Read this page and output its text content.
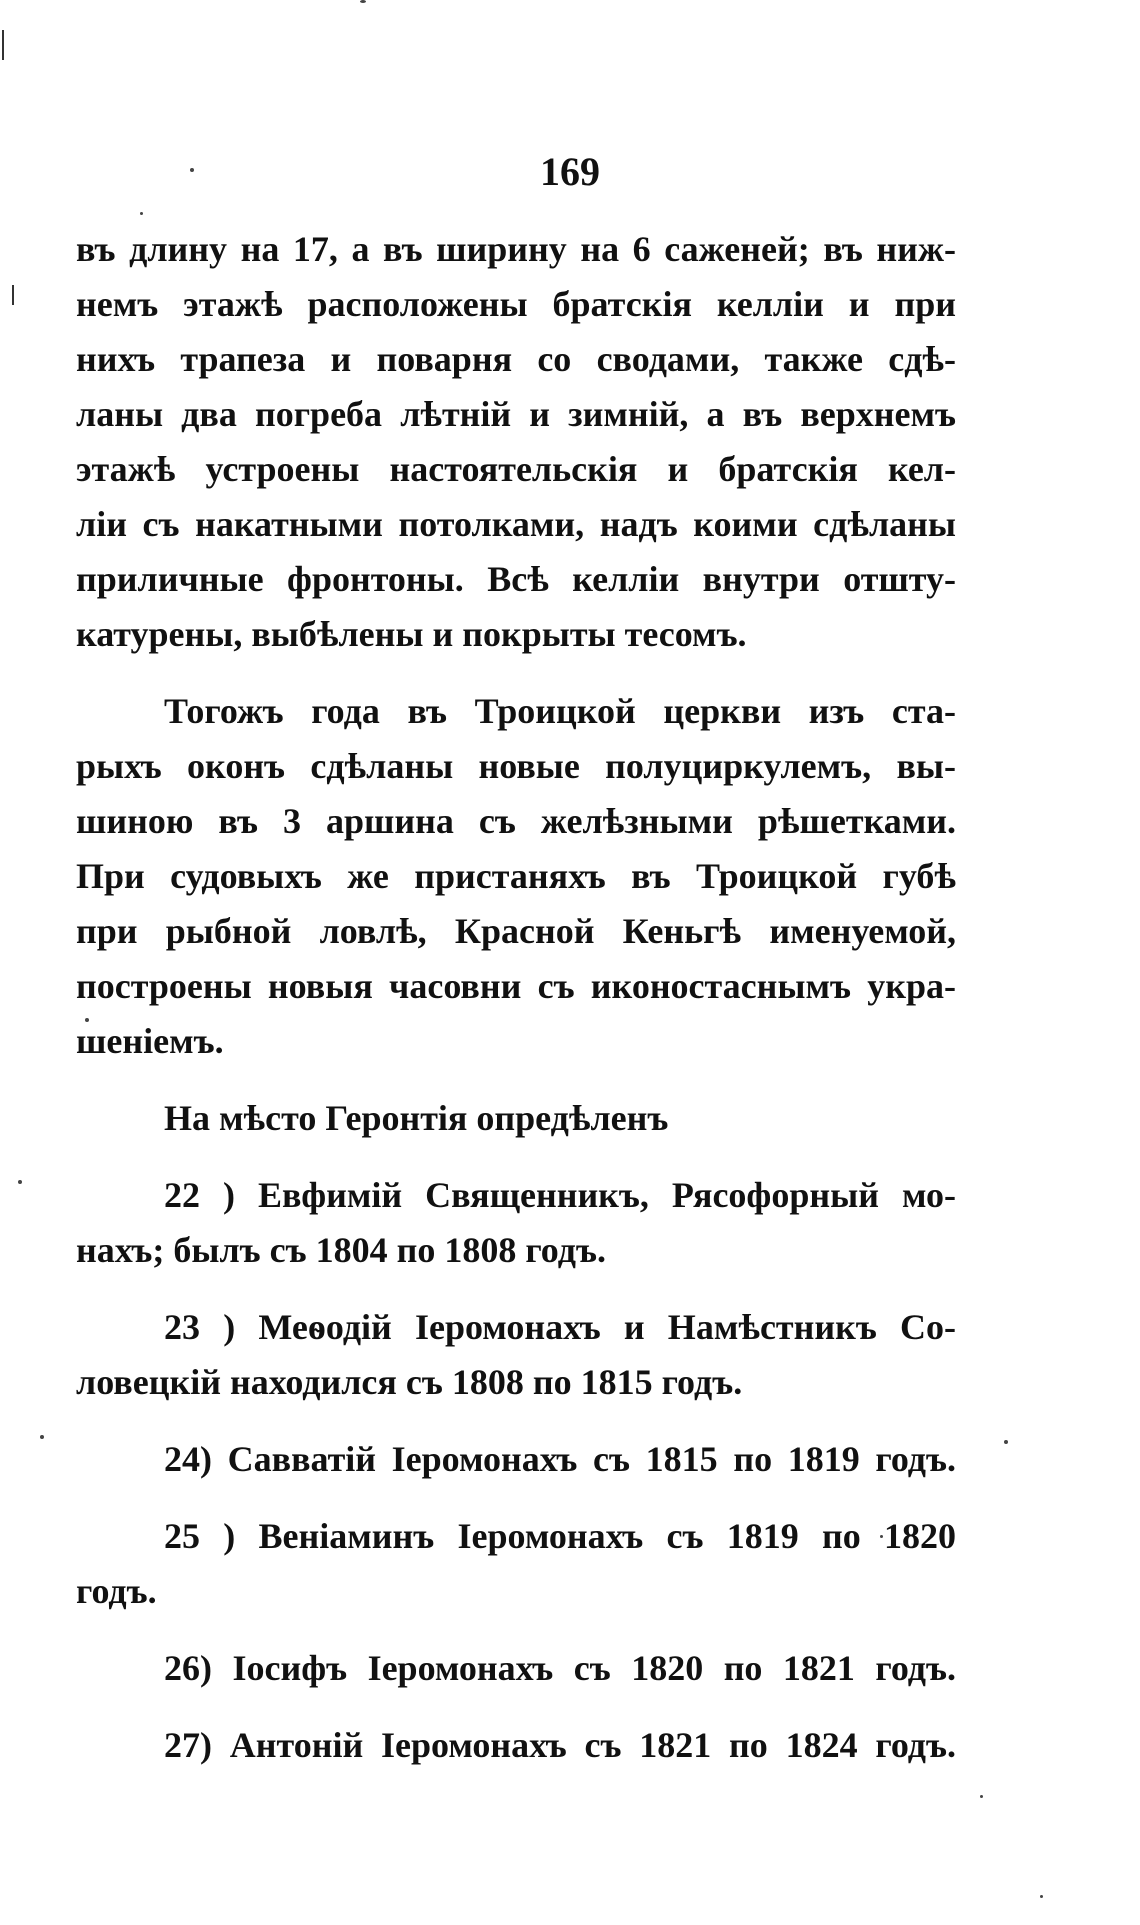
169

въ длину на 17, а въ ширину на 6 саженей; въ ниж-
немъ этажѣ расположены братскія келліи и при
нихъ трапеза и поварня со сводами, также сдѣ-
ланы два погреба лѣтній и зимній, а въ верхнемъ
этажѣ устроены настоятельскія и братскія кел-
ліи съ накатными потолками, надъ коими сдѣланы
приличные фронтоны. Всѣ келліи внутри отшту-
катурены, выбѣлены и покрыты тесомъ.

Тогожъ года въ Троицкой церкви изъ ста-
рыхъ оконъ сдѣланы новые полуциркулемъ, вы-
шиною въ 3 аршина съ желѣзными рѣшетками.
При судовыхъ же пристаняхъ въ Троицкой губѣ
при рыбной ловлѣ, Красной Кеньгѣ именуемой,
построены новыя часовни съ иконостаснымъ укра-
шеніемъ.

На мѣсто Геронтія опредѣленъ

22 ) Евфимій Священникъ, Рясофорный мо-
нахъ; былъ съ 1804 по 1808 годъ.

23 ) Меѳодій Іеромонахъ и Намѣстникъ Со-
ловецкій находился съ 1808 по 1815 годъ.

24) Савватій Іеромонахъ съ 1815 по 1819 годъ.

25 ) Веніаминъ Іеромонахъ съ 1819 по 1820
годъ.

26) Іосифъ Іеромонахъ съ 1820 по 1821 годъ.

27) Антоній Іеромонахъ съ 1821 по 1824 годъ.
